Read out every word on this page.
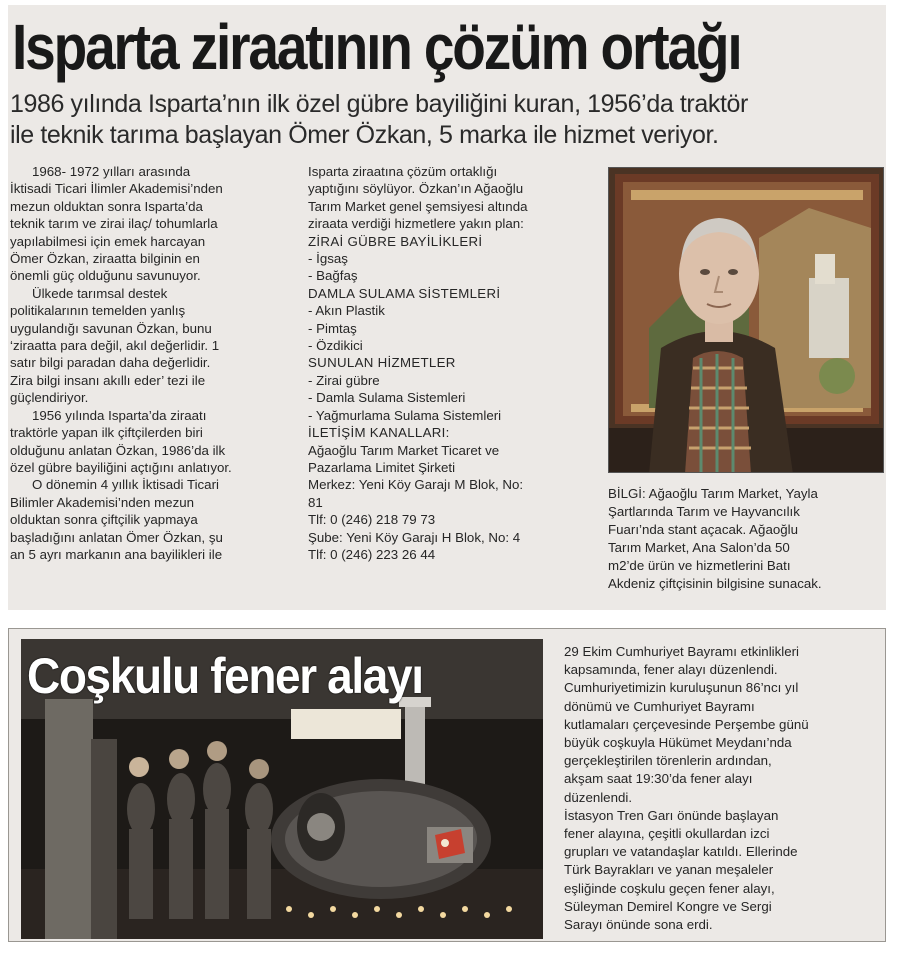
Isparta ziraatının çözüm ortağı
1986 yılında Isparta’nın ilk özel gübre bayiliğini kuran, 1956’da traktör
ile teknik tarıma başlayan Ömer Özkan, 5 marka ile hizmet veriyor.

1968- 1972 yılları arasında

İktisadi Ticari İlimler Akademisi’nden

mezun olduktan sonra Isparta’da

teknik tarım ve zirai ilaç/ tohumlarla

yapılabilmesi için emek harcayan

Ömer Özkan, ziraatta bilginin en

önemli güç olduğunu savunuyor.

Ülkede tarımsal destek

politikalarının temelden yanlış

uygulandığı savunan Özkan, bunu

‘ziraatta para değil, akıl değerlidir. 1

satır bilgi paradan daha değerlidir.

Zira bilgi insanı akıllı eder’ tezi ile

güçlendiriyor.

1956 yılında Isparta’da ziraatı

traktörle yapan ilk çiftçilerden biri

olduğunu anlatan Özkan, 1986’da ilk

özel gübre bayiliğini açtığını anlatıyor.

O dönemin 4 yıllık İktisadi Ticari

Bilimler Akademisi’nden mezun

olduktan sonra çiftçilik yapmaya

başladığını anlatan Ömer Özkan, şu

an 5 ayrı markanın ana bayilikleri ile

Isparta ziraatına çözüm ortaklığı

yaptığını söylüyor. Özkan’ın Ağaoğlu

Tarım Market genel şemsiyesi altında

ziraata verdiği hizmetlere yakın plan:

ZİRAİ GÜBRE BAYİLİKLERİ

- İgsaş

- Bağfaş

DAMLA SULAMA SİSTEMLERİ

- Akın Plastik

- Pimtaş

- Özdikici

SUNULAN HİZMETLER

- Zirai gübre

- Damla Sulama Sistemleri

- Yağmurlama Sulama Sistemleri

İLETİŞİM KANALLARI:

Ağaoğlu Tarım Market Ticaret ve

Pazarlama Limitet Şirketi

Merkez: Yeni Köy Garajı M Blok, No:

81

Tlf: 0 (246) 218 79 73

Şube: Yeni Köy Garajı H Blok, No: 4

Tlf: 0 (246) 223 26 44

BİLGİ: Ağaoğlu Tarım Market, Yayla

Şartlarında Tarım ve Hayvancılık

Fuarı’nda stant açacak. Ağaoğlu

Tarım Market, Ana Salon’da 50

m2’de ürün ve hizmetlerini Batı

Akdeniz çiftçisinin bilgisine sunacak.

Coşkulu fener alayı	29 Ekim Cumhuriyet Bayramı etkinlikleri

kapsamında, fener alayı düzenlendi.

Cumhuriyetimizin kuruluşunun 86’ncı yıl

dönümü ve Cumhuriyet Bayramı

kutlamaları çerçevesinde Perşembe günü

büyük coşkuyla Hükümet Meydanı’nda

gerçekleştirilen törenlerin ardından,

akşam saat 19:30’da fener alayı

düzenlendi.

İstasyon Tren Garı önünde başlayan

fener alayına, çeşitli okullardan izci

grupları ve vatandaşlar katıldı. Ellerinde

Türk Bayrakları ve yanan meşaleler

eşliğinde coşkulu geçen fener alayı,

Süleyman Demirel Kongre ve Sergi

Sarayı önünde sona erdi.
